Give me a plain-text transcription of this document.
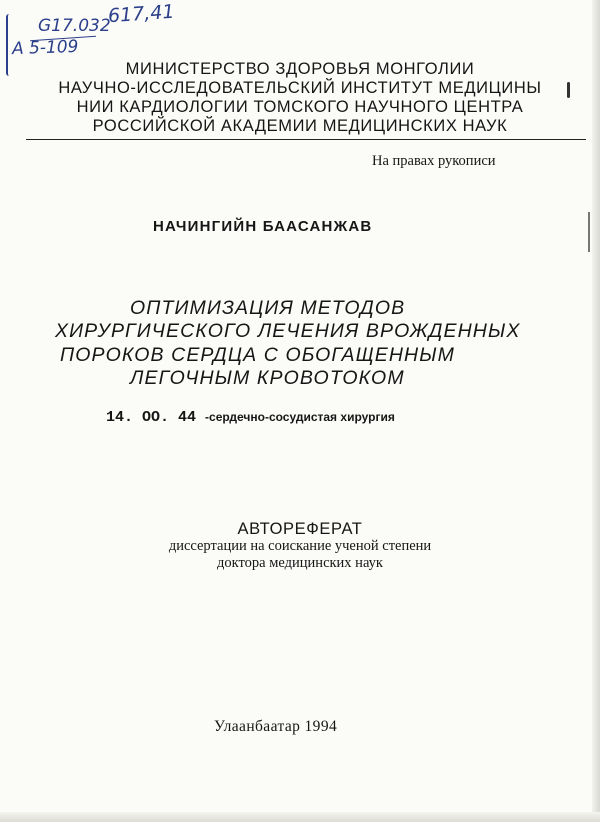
617,41
G17.032
A 5-109
МИНИСТЕРСТВО ЗДОРОВЬЯ МОНГОЛИИ
НАУЧНО-ИССЛЕДОВАТЕЛЬСКИЙ ИНСТИТУТ МЕДИЦИНЫ
НИИ КАРДИОЛОГИИ ТОМСКОГО НАУЧНОГО ЦЕНТРА
РОССИЙСКОЙ АКАДЕМИИ МЕДИЦИНСКИХ НАУК
На правах рукописи
НАЧИНГИЙН БААСАНЖАВ
ОПТИМИЗАЦИЯ МЕТОДОВ
ХИРУРГИЧЕСКОГО ЛЕЧЕНИЯ ВРОЖДЕННЫХ
ПОРОКОВ СЕРДЦА С ОБОГАЩЕННЫМ
ЛЕГОЧНЫМ КРОВОТОКОМ
14. ОО. 44 -сердечно-сосудистая хирургия
АВТОРЕФЕРАТ
диссертации на соискание ученой степени
доктора медицинских наук
Улаанбаатар 1994
